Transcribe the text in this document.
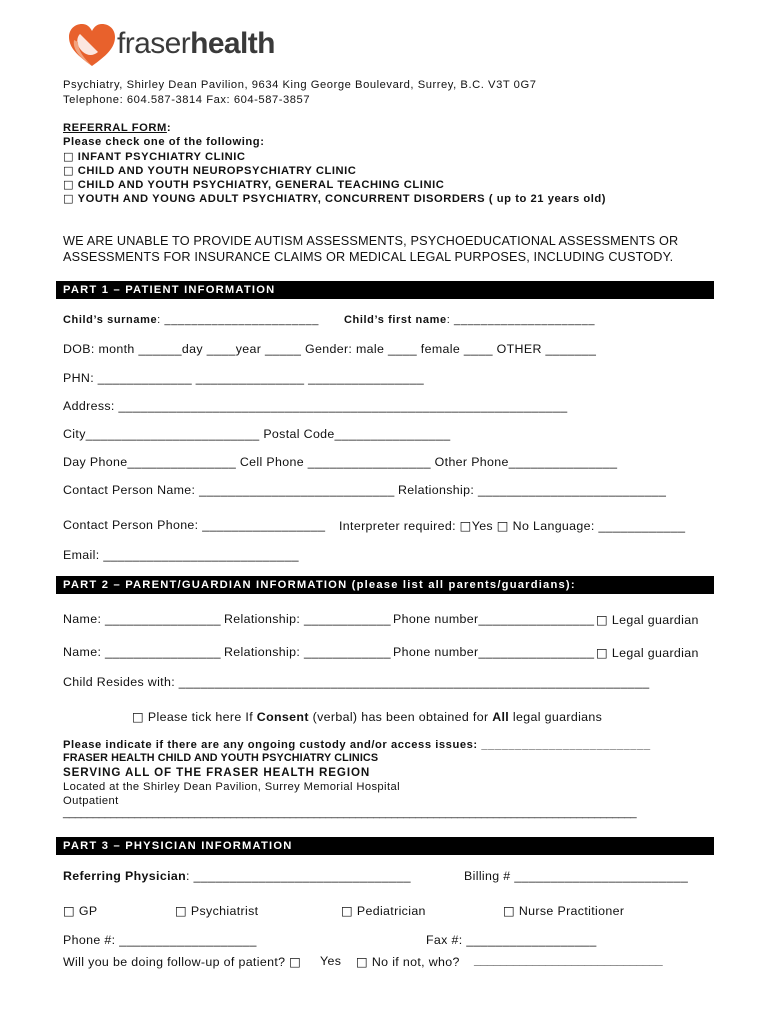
fraserhealth
Psychiatry, Shirley Dean Pavilion, 9634 King George Boulevard, Surrey, B.C. V3T 0G7
Telephone: 604.587-3814 Fax: 604-587-3857
REFERRAL FORM:
Please check one of the following:
□ INFANT PSYCHIATRY CLINIC
□ CHILD AND YOUTH NEUROPSYCHIATRY CLINIC
□ CHILD AND YOUTH PSYCHIATRY, GENERAL TEACHING CLINIC
□ YOUTH AND YOUNG ADULT PSYCHIATRY, CONCURRENT DISORDERS ( up to 21 years old)
WE ARE UNABLE TO PROVIDE AUTISM ASSESSMENTS, PSYCHOEDUCATIONAL ASSESSMENTS OR
ASSESSMENTS FOR INSURANCE CLAIMS OR MEDICAL LEGAL PURPOSES, INCLUDING CUSTODY.
PART 1 – PATIENT INFORMATION
Child’s surname: _______________________ Child’s first name: _____________________
DOB: month ______day ____year _____ Gender: male ____ female ____ OTHER _______
PHN: _____________ _______________ ________________
Address: ______________________________________________________________
City________________________ Postal Code________________
Day Phone_______________ Cell Phone _________________ Other Phone_______________
Contact Person Name: ___________________________ Relationship: __________________________
Contact Person Phone: _________________ Interpreter required: □Yes □ No Language: ____________
Email: ___________________________
PART 2 – PARENT/GUARDIAN INFORMATION (please list all parents/guardians):
Name: ________________ Relationship: ____________ Phone number________________ □ Legal guardian
Name: ________________ Relationship: ____________ Phone number________________ □ Legal guardian
Child Resides with: _________________________________________________________________
□ Please tick here If Consent (verbal) has been obtained for All legal guardians
Please indicate if there are any ongoing custody and/or access issues: _________________________
FRASER HEALTH CHILD AND YOUTH PSYCHIATRY CLINICS
SERVING ALL OF THE FRASER HEALTH REGION
Located at the Shirley Dean Pavilion, Surrey Memorial Hospital
Outpatient
________________________________________________________________________________________________
PART 3 – PHYSICIAN INFORMATION
Referring Physician: ______________________________	Billing # ________________________
□ GP	□ Psychiatrist	□ Pediatrician	□ Nurse Practitioner
Phone #: ___________________	Fax #: __________________
Will you be doing follow-up of patient? □ Yes □ No if not, who? _____________________________
